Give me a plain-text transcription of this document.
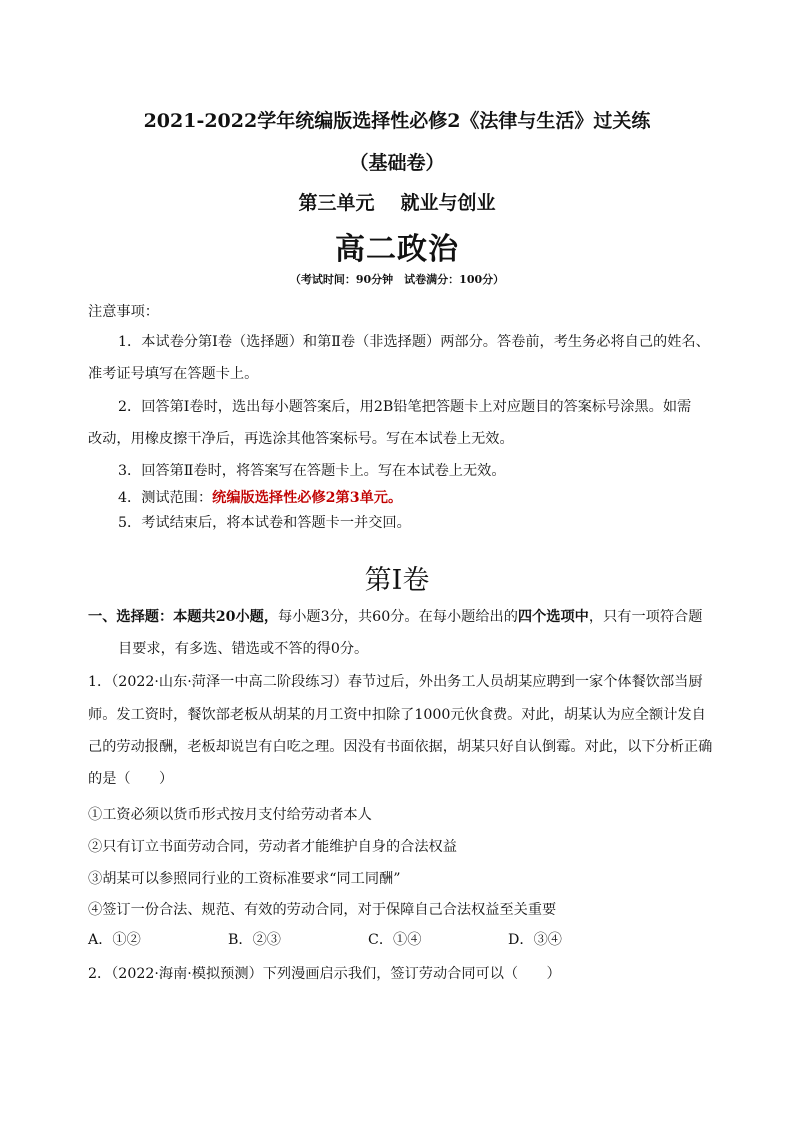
2021-2022学年统编版选择性必修2《法律与生活》过关练
（基础卷）
第三单元 就业与创业
高二政治
（考试时间：90分钟　试卷满分：100分）
注意事项：
1．本试卷分第Ⅰ卷（选择题）和第Ⅱ卷（非选择题）两部分。答卷前，考生务必将自己的姓名、
准考证号填写在答题卡上。
2．回答第Ⅰ卷时，选出每小题答案后，用2B铅笔把答题卡上对应题目的答案标号涂黑。如需
改动，用橡皮擦干净后，再选涂其他答案标号。写在本试卷上无效。
3．回答第Ⅱ卷时，将答案写在答题卡上。写在本试卷上无效。
4．测试范围：统编版选择性必修2第3单元。
5．考试结束后，将本试卷和答题卡一并交回。
第Ⅰ卷
一、选择题：本题共20小题，每小题3分，共60分。在每小题给出的四个选项中，只有一项符合题
目要求，有多选、错选或不答的得0分。
1．（2022·山东·菏泽一中高二阶段练习）春节过后，外出务工人员胡某应聘到一家个体餐饮部当厨
师。发工资时，餐饮部老板从胡某的月工资中扣除了1000元伙食费。对此，胡某认为应全额计发自
己的劳动报酬，老板却说岂有白吃之理。因没有书面依据，胡某只好自认倒霉。对此，以下分析正确
的是（　　）
①工资必须以货币形式按月支付给劳动者本人
②只有订立书面劳动合同，劳动者才能维护自身的合法权益
③胡某可以参照同行业的工资标准要求“同工同酬”
④签订一份合法、规范、有效的劳动合同，对于保障自己合法权益至关重要
A．①②	B．②③	C．①④	D．③④
2．（2022·海南·模拟预测）下列漫画启示我们，签订劳动合同可以（　　）
